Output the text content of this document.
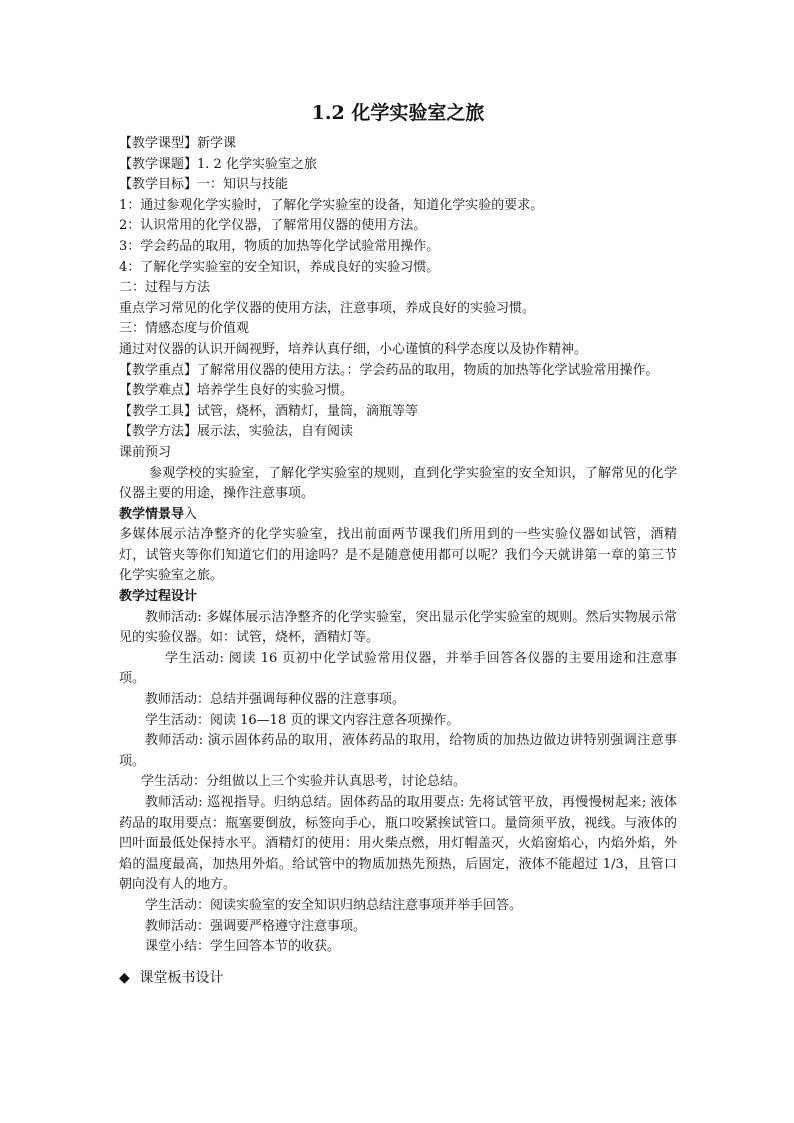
1.2 化学实验室之旅

【教学课型】新学课

【教学课题】1. 2 化学实验室之旅

【教学目标】一：知识与技能

1：通过参观化学实验时，了解化学实验室的设备，知道化学实验的要求。

2：认识常用的化学仪器，了解常用仪器的使用方法。

3：学会药品的取用，物质的加热等化学试验常用操作。

4：了解化学实验室的安全知识，养成良好的实验习惯。

二：过程与方法

重点学习常见的化学仪器的使用方法，注意事项，养成良好的实验习惯。

三：情感态度与价值观

通过对仪器的认识开阔视野，培养认真仔细，小心谨慎的科学态度以及协作精神。

【教学重点】了解常用仪器的使用方法。：学会药品的取用，物质的加热等化学试验常用操作。

【教学难点】培养学生良好的实验习惯。

【教学工具】试管，烧杯，酒精灯，量筒，滴瓶等等

【教学方法】展示法，实验法，自有阅读

课前预习

参观学校的实验室，了解化学实验室的规则，直到化学实验室的安全知识，了解常见的化学仪器主要的用途，操作注意事项。

教学情景导入

多媒体展示洁净整齐的化学实验室，找出前面两节课我们所用到的一些实验仪器如试管，酒精灯，试管夹等你们知道它们的用途吗？是不是随意使用都可以呢？我们今天就讲第一章的第三节化学实验室之旅。

教学过程设计

教师活动: 多媒体展示洁净整齐的化学实验室，突出显示化学实验室的规则。然后实物展示常见的实验仪器。如：试管，烧杯，酒精灯等。

学生活动: 阅读 16 页初中化学试验常用仪器，并举手回答各仪器的主要用途和注意事项。

教师活动：总结并强调每种仪器的注意事项。

学生活动：阅读 16—18 页的课文内容注意各项操作。

教师活动: 演示固体药品的取用，液体药品的取用，给物质的加热边做边讲特别强调注意事项。

学生活动：分组做以上三个实验并认真思考，讨论总结。

教师活动: 巡视指导。归纳总结。固体药品的取用要点: 先将试管平放，再慢慢树起来; 液体药品的取用要点：瓶塞要倒放，标签向手心，瓶口咬紧挨试管口。量筒须平放，视线。与液体的凹叶面最低处保持水平。酒精灯的使用：用火柴点燃，用灯帽盖灭，火焰窗焰心，内焰外焰，外焰的温度最高，加热用外焰。给试管中的物质加热先预热，后固定，液体不能超过 1/3，且管口朝向没有人的地方。

学生活动：阅读实验室的安全知识归纳总结注意事项并举手回答。

教师活动：强调要严格遵守注意事项。

课堂小结：学生回答本节的收获。

◆ 课堂板书设计
